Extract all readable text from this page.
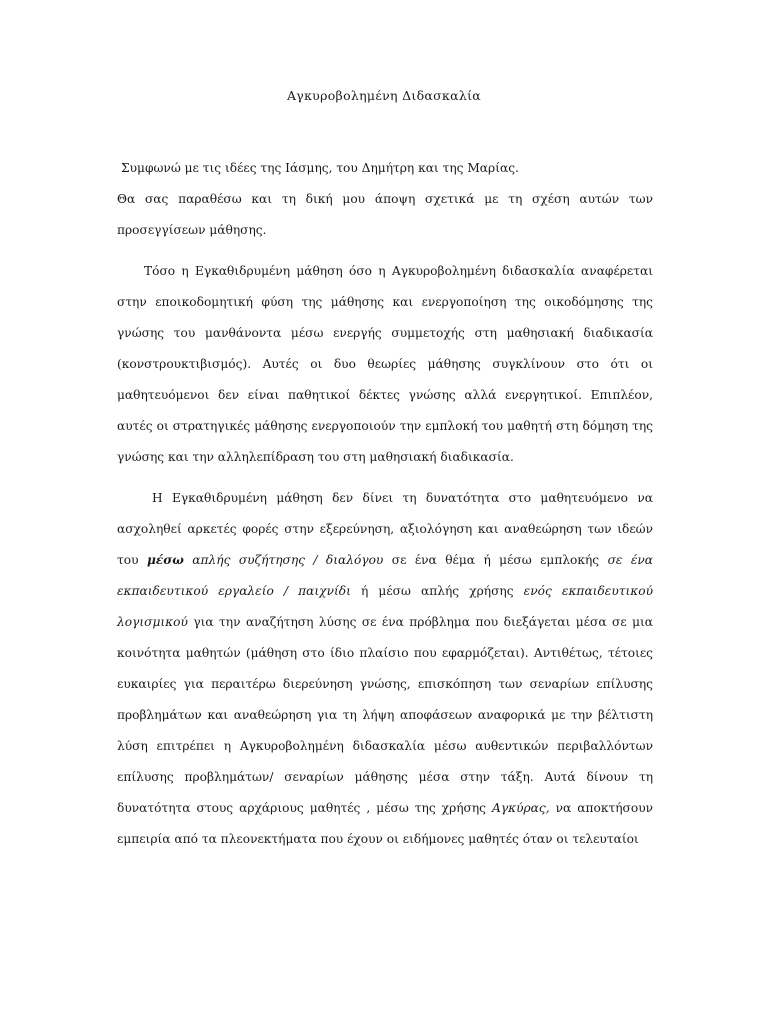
Αγκυροβολημένη Διδασκαλία

Συμφωνώ με τις ιδέες της Ιάσμης, του Δημήτρη και της Μαρίας.

Θα σας παραθέσω και τη δική μου άποψη σχετικά με τη σχέση αυτών των προσεγγίσεων μάθησης.

Τόσο η Εγκαθιδρυμένη μάθηση όσο η Αγκυροβολημένη διδασκαλία αναφέρεται στην εποικοδομητική φύση της μάθησης και ενεργοποίηση της οικοδόμησης της γνώσης του μανθάνοντα μέσω ενεργής συμμετοχής στη μαθησιακή διαδικασία (κονστρουκτιβισμός). Αυτές οι δυο θεωρίες μάθησης συγκλίνουν στο ότι οι μαθητευόμενοι δεν είναι παθητικοί δέκτες γνώσης αλλά ενεργητικοί. Επιπλέον, αυτές οι στρατηγικές μάθησης ενεργοποιούν την εμπλοκή του μαθητή στη δόμηση της γνώσης και την αλληλεπίδραση του στη μαθησιακή διαδικασία.

Η Εγκαθιδρυμένη μάθηση δεν δίνει τη δυνατότητα στο μαθητευόμενο να ασχοληθεί αρκετές φορές στην εξερεύνηση, αξιολόγηση και αναθεώρηση των ιδεών του μέσω απλής συζήτησης / διαλόγου σε ένα θέμα ή μέσω εμπλοκής σε ένα εκπαιδευτικού εργαλείο / παιχνίδι ή μέσω απλής χρήσης ενός εκπαιδευτικού λογισμικού για την αναζήτηση λύσης σε ένα πρόβλημα που διεξάγεται μέσα σε μια κοινότητα μαθητών (μάθηση στο ίδιο πλαίσιο που εφαρμόζεται). Αντιθέτως, τέτοιες ευκαιρίες για περαιτέρω διερεύνηση γνώσης, επισκόπηση των σεναρίων επίλυσης προβλημάτων και αναθεώρηση για τη λήψη αποφάσεων αναφορικά με την βέλτιστη λύση επιτρέπει η Αγκυροβολημένη διδασκαλία μέσω αυθεντικών περιβαλλόντων επίλυσης προβλημάτων/ σεναρίων μάθησης μέσα στην τάξη. Αυτά δίνουν τη δυνατότητα στους αρχάριους μαθητές , μέσω της χρήσης Αγκύρας, να αποκτήσουν εμπειρία από τα πλεονεκτήματα που έχουν οι ειδήμονες μαθητές όταν οι τελευταίοι
